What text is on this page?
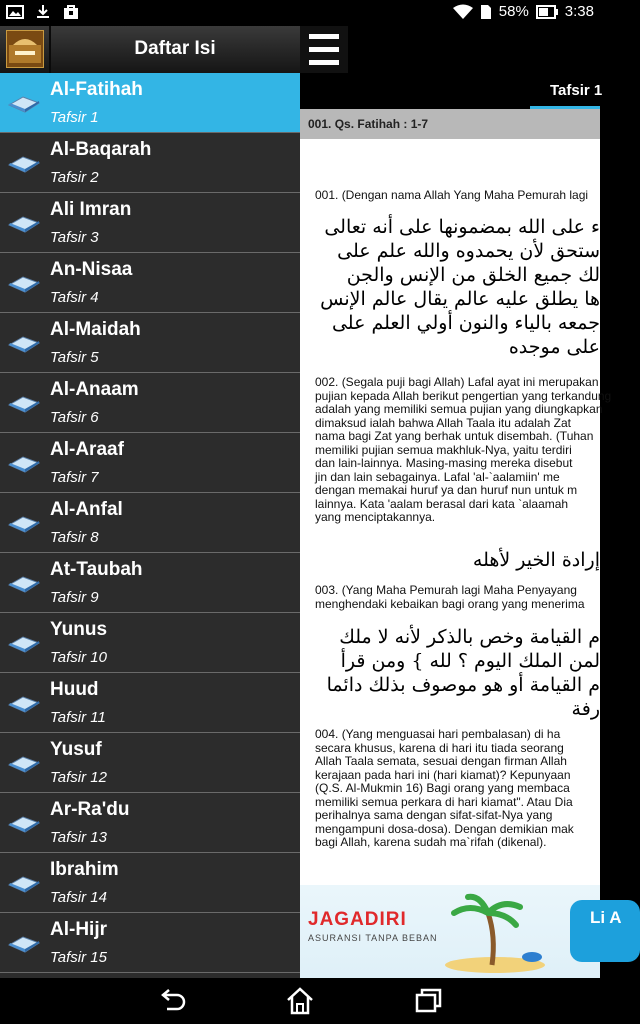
58% 3:38
Tafsir 1
001. Qs. Fatihah : 1-7
001. (Dengan nama Allah Yang Maha Pemurah lagi
ء على الله بمضمونها على أنه تعالى
ستحق لأن يحمدوه والله علم على
لك جميع الخلق من الإنس والجن
ها يطلق عليه عالم يقال عالم الإنس
جمعه بالياء والنون أولي العلم على
على موجده
002. (Segala puji bagi Allah) Lafal ayat ini merupakan
pujian kepada Allah berikut pengertian yang terkandung
adalah yang memiliki semua pujian yang diungkapkan
dimaksud ialah bahwa Allah Taala itu adalah Zat
nama bagi Zat yang berhak untuk disembah. (Tuhan
memiliki pujian semua makhluk-Nya, yaitu terdiri
dan lain-lainnya. Masing-masing mereka disebut
jin dan lain sebagainya. Lafal 'al-`aalamiin' me
dengan memakai huruf ya dan huruf nun untuk m
lainnya. Kata 'aalam berasal dari kata `alaamah
yang menciptakannya.
إرادة الخير لأهله
003. (Yang Maha Pemurah lagi Maha Penyayang
menghendaki kebaikan bagi orang yang menerima
م القيامة وخص بالذكر لأنه لا ملك
لمن الملك اليوم ؟ لله } ومن قرأ
م القيامة أو هو موصوف بذلك دائما
رفة
004. (Yang menguasai hari pembalasan) di ha
secara khusus, karena di hari itu tiada seorang
Allah Taala semata, sesuai dengan firman Allah
kerajaan pada hari ini (hari kiamat)? Kepunyaan
(Q.S. Al-Mukmin 16) Bagi orang yang membaca
memiliki semua perkara di hari kiamat". Atau Dia
perihalnya sama dengan sifat-sifat-Nya yang
mengampuni dosa-dosa). Dengan demikian mak
bagi Allah, karena sudah ma`rifah (dikenal).
JAGADIRI
ASURANSI TANPA BEBAN
Li A
Daftar Isi
Al-Fatihah
Tafsir 1
Al-Baqarah
Tafsir 2
Ali Imran
Tafsir 3
An-Nisaa
Tafsir 4
Al-Maidah
Tafsir 5
Al-Anaam
Tafsir 6
Al-Araaf
Tafsir 7
Al-Anfal
Tafsir 8
At-Taubah
Tafsir 9
Yunus
Tafsir 10
Huud
Tafsir 11
Yusuf
Tafsir 12
Ar-Ra'du
Tafsir 13
Ibrahim
Tafsir 14
Al-Hijr
Tafsir 15
